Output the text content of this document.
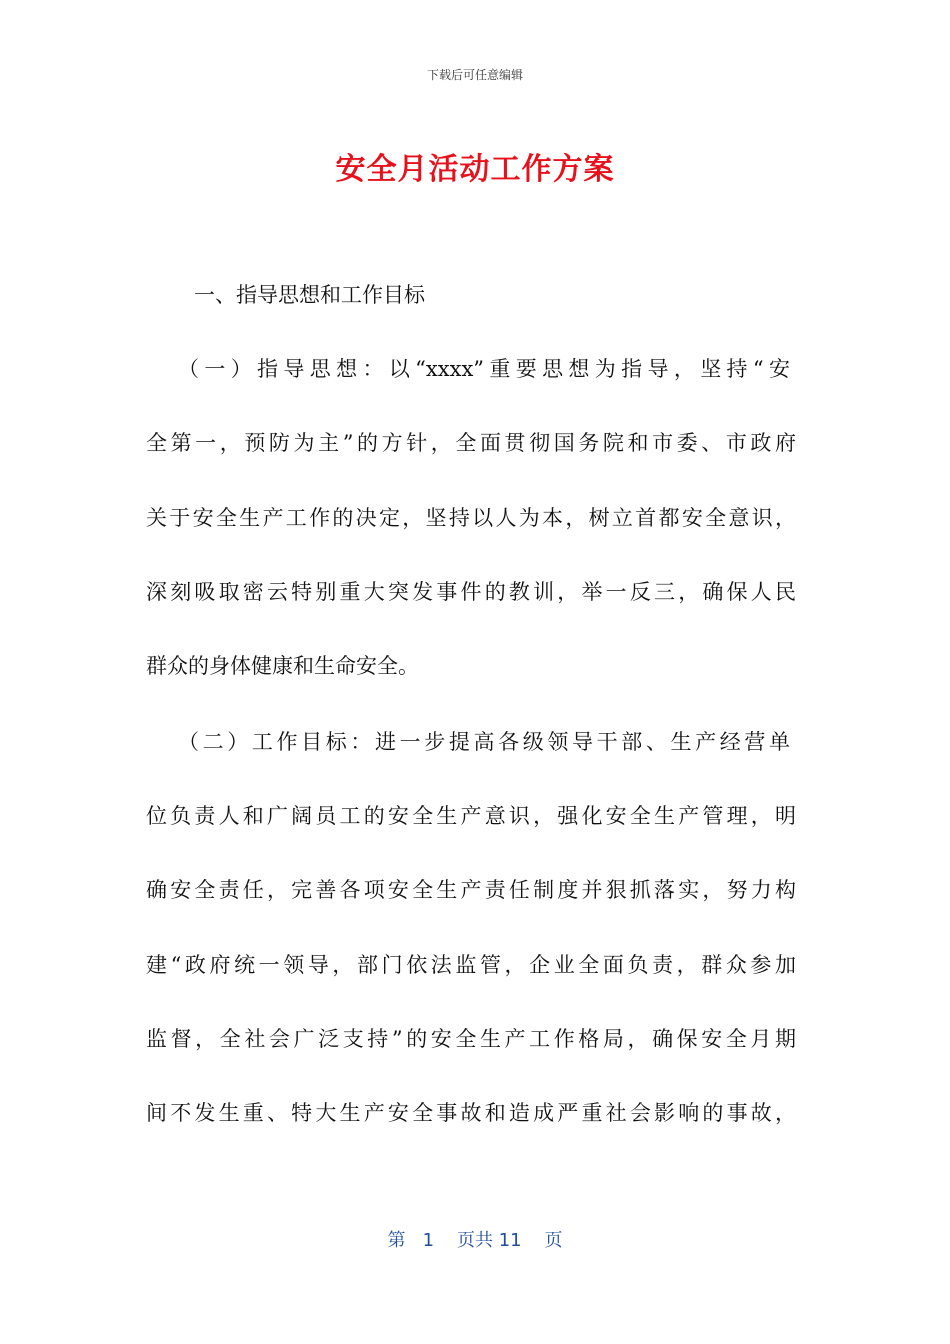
下载后可任意编辑
安全月活动工作方案
一、指导思想和工作目标
（一）指导思想：以“xxxx”重要思想为指导，坚持“安
全第一，预防为主”的方针，全面贯彻国务院和市委、市政府
关于安全生产工作的决定，坚持以人为本，树立首都安全意识，
深刻吸取密云特别重大突发事件的教训，举一反三，确保人民
群众的身体健康和生命安全。
（二）工作目标：进一步提高各级领导干部、生产经营单
位负责人和广阔员工的安全生产意识，强化安全生产管理，明
确安全责任，完善各项安全生产责任制度并狠抓落实，努力构
建“政府统一领导，部门依法监管，企业全面负责，群众参加
监督，全社会广泛支持”的安全生产工作格局，确保安全月期
间不发生重、特大生产安全事故和造成严重社会影响的事故，
第 1 页共 11 页
